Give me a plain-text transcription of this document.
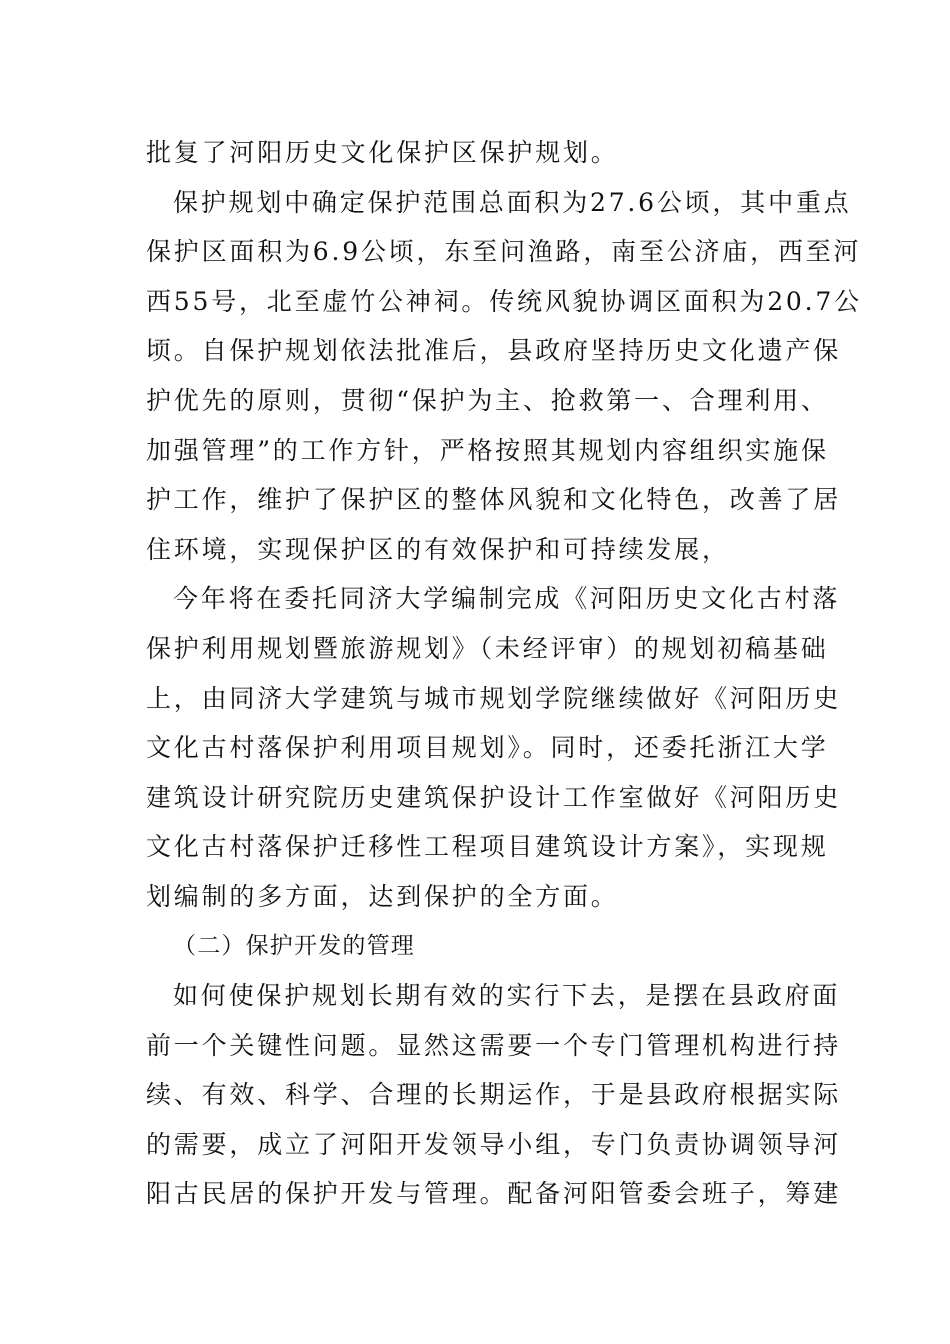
批复了河阳历史文化保护区保护规划。
保护规划中确定保护范围总面积为27.6公顷，其中重点
保护区面积为6.9公顷，东至问渔路，南至公济庙，西至河
西55号，北至虚竹公神祠。传统风貌协调区面积为20.7公
顷。自保护规划依法批准后，县政府坚持历史文化遗产保
护优先的原则，贯彻“保护为主、抢救第一、合理利用、
加强管理”的工作方针，严格按照其规划内容组织实施保
护工作，维护了保护区的整体风貌和文化特色，改善了居
住环境，实现保护区的有效保护和可持续发展，
今年将在委托同济大学编制完成《河阳历史文化古村落
保护利用规划暨旅游规划》（未经评审）的规划初稿基础
上，由同济大学建筑与城市规划学院继续做好《河阳历史
文化古村落保护利用项目规划》。同时，还委托浙江大学
建筑设计研究院历史建筑保护设计工作室做好《河阳历史
文化古村落保护迁移性工程项目建筑设计方案》，实现规
划编制的多方面，达到保护的全方面。
（二）保护开发的管理
如何使保护规划长期有效的实行下去，是摆在县政府面
前一个关键性问题。显然这需要一个专门管理机构进行持
续、有效、科学、合理的长期运作，于是县政府根据实际
的需要，成立了河阳开发领导小组，专门负责协调领导河
阳古民居的保护开发与管理。配备河阳管委会班子，筹建
